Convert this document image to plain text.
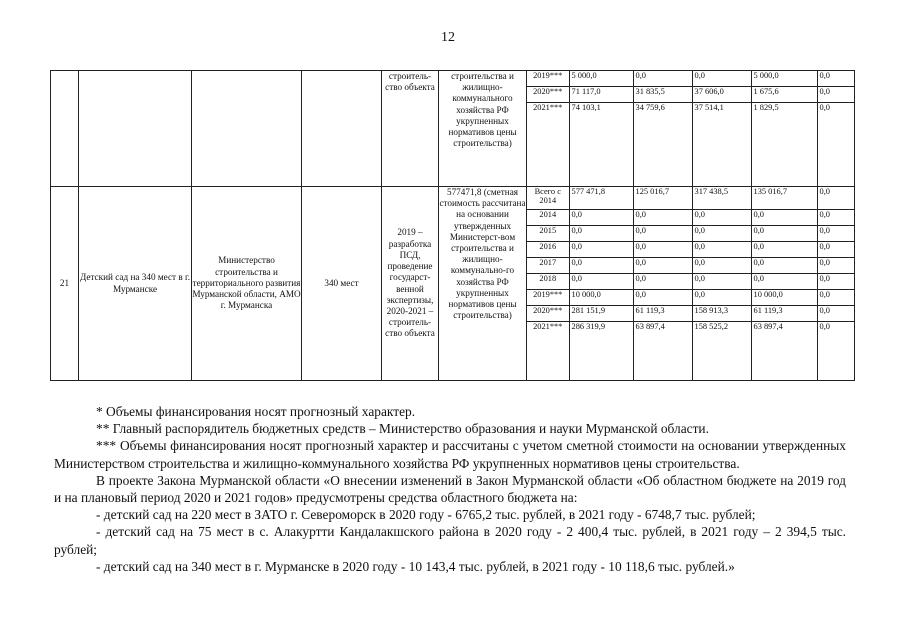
12
				строитель-ство объекта	строительства и жилищно-коммунального хозяйства РФ укрупненных нормативов цены строительства)	
2019***	5 000,0	0,0	0,0	5 000,0	0,0
2020***	71 117,0	31 835,5	37 606,0	1 675,6	0,0
2021***	74 103,1	34 759,6	37 514,1	1 829,5	0,0

21	Детский сад на 340 мест в г. Мурманске	Министерство строительства и территориального развития Мурманской области, АМО г. Мурманска	340 мест	2019 – разработка ПСД, проведение государст-венной экспертизы, 2020-2021 – строитель-ство объекта	577471,8 (сметная стоимость рассчитана на основании утвержденных Министерст-вом строительства и жилищно-коммунально-го хозяйства РФ укрупненных нормативов цены строительства)	
Всего с 2014	577 471,8	125 016,7	317 438,5	135 016,7	0,0
2014	0,0	0,0	0,0	0,0	0,0
2015	0,0	0,0	0,0	0,0	0,0
2016	0,0	0,0	0,0	0,0	0,0
2017	0,0	0,0	0,0	0,0	0,0
2018	0,0	0,0	0,0	0,0	0,0
2019***	10 000,0	0,0	0,0	10 000,0	0,0
2020***	281 151,9	61 119,3	158 913,3	61 119,3	0,0
2021***	286 319,9	63 897,4	158 525,2	63 897,4	0,0

* Объемы финансирования носят прогнозный характер.

** Главный распорядитель бюджетных средств – Министерство образования и науки Мурманской области.

*** Объемы финансирования носят прогнозный характер и рассчитаны с учетом сметной стоимости на основании утвержденных Министерством строительства и жилищно-коммунального хозяйства РФ укрупненных нормативов цены строительства.

В проекте Закона Мурманской области «О внесении изменений в Закон Мурманской области «Об областном бюджете на 2019 год и на плановый период 2020 и 2021 годов» предусмотрены средства областного бюджета на:

- детский сад на 220 мест в ЗАТО г. Североморск в 2020 году - 6765,2 тыс. рублей, в 2021 году - 6748,7 тыс. рублей;

- детский сад на 75 мест в с. Алакуртти Кандалакшского района в 2020 году - 2 400,4 тыс. рублей, в 2021 году – 2 394,5 тыс. рублей;

- детский сад на 340 мест в г. Мурманске в 2020 году - 10 143,4 тыс. рублей, в 2021 году - 10 118,6 тыс. рублей.»
